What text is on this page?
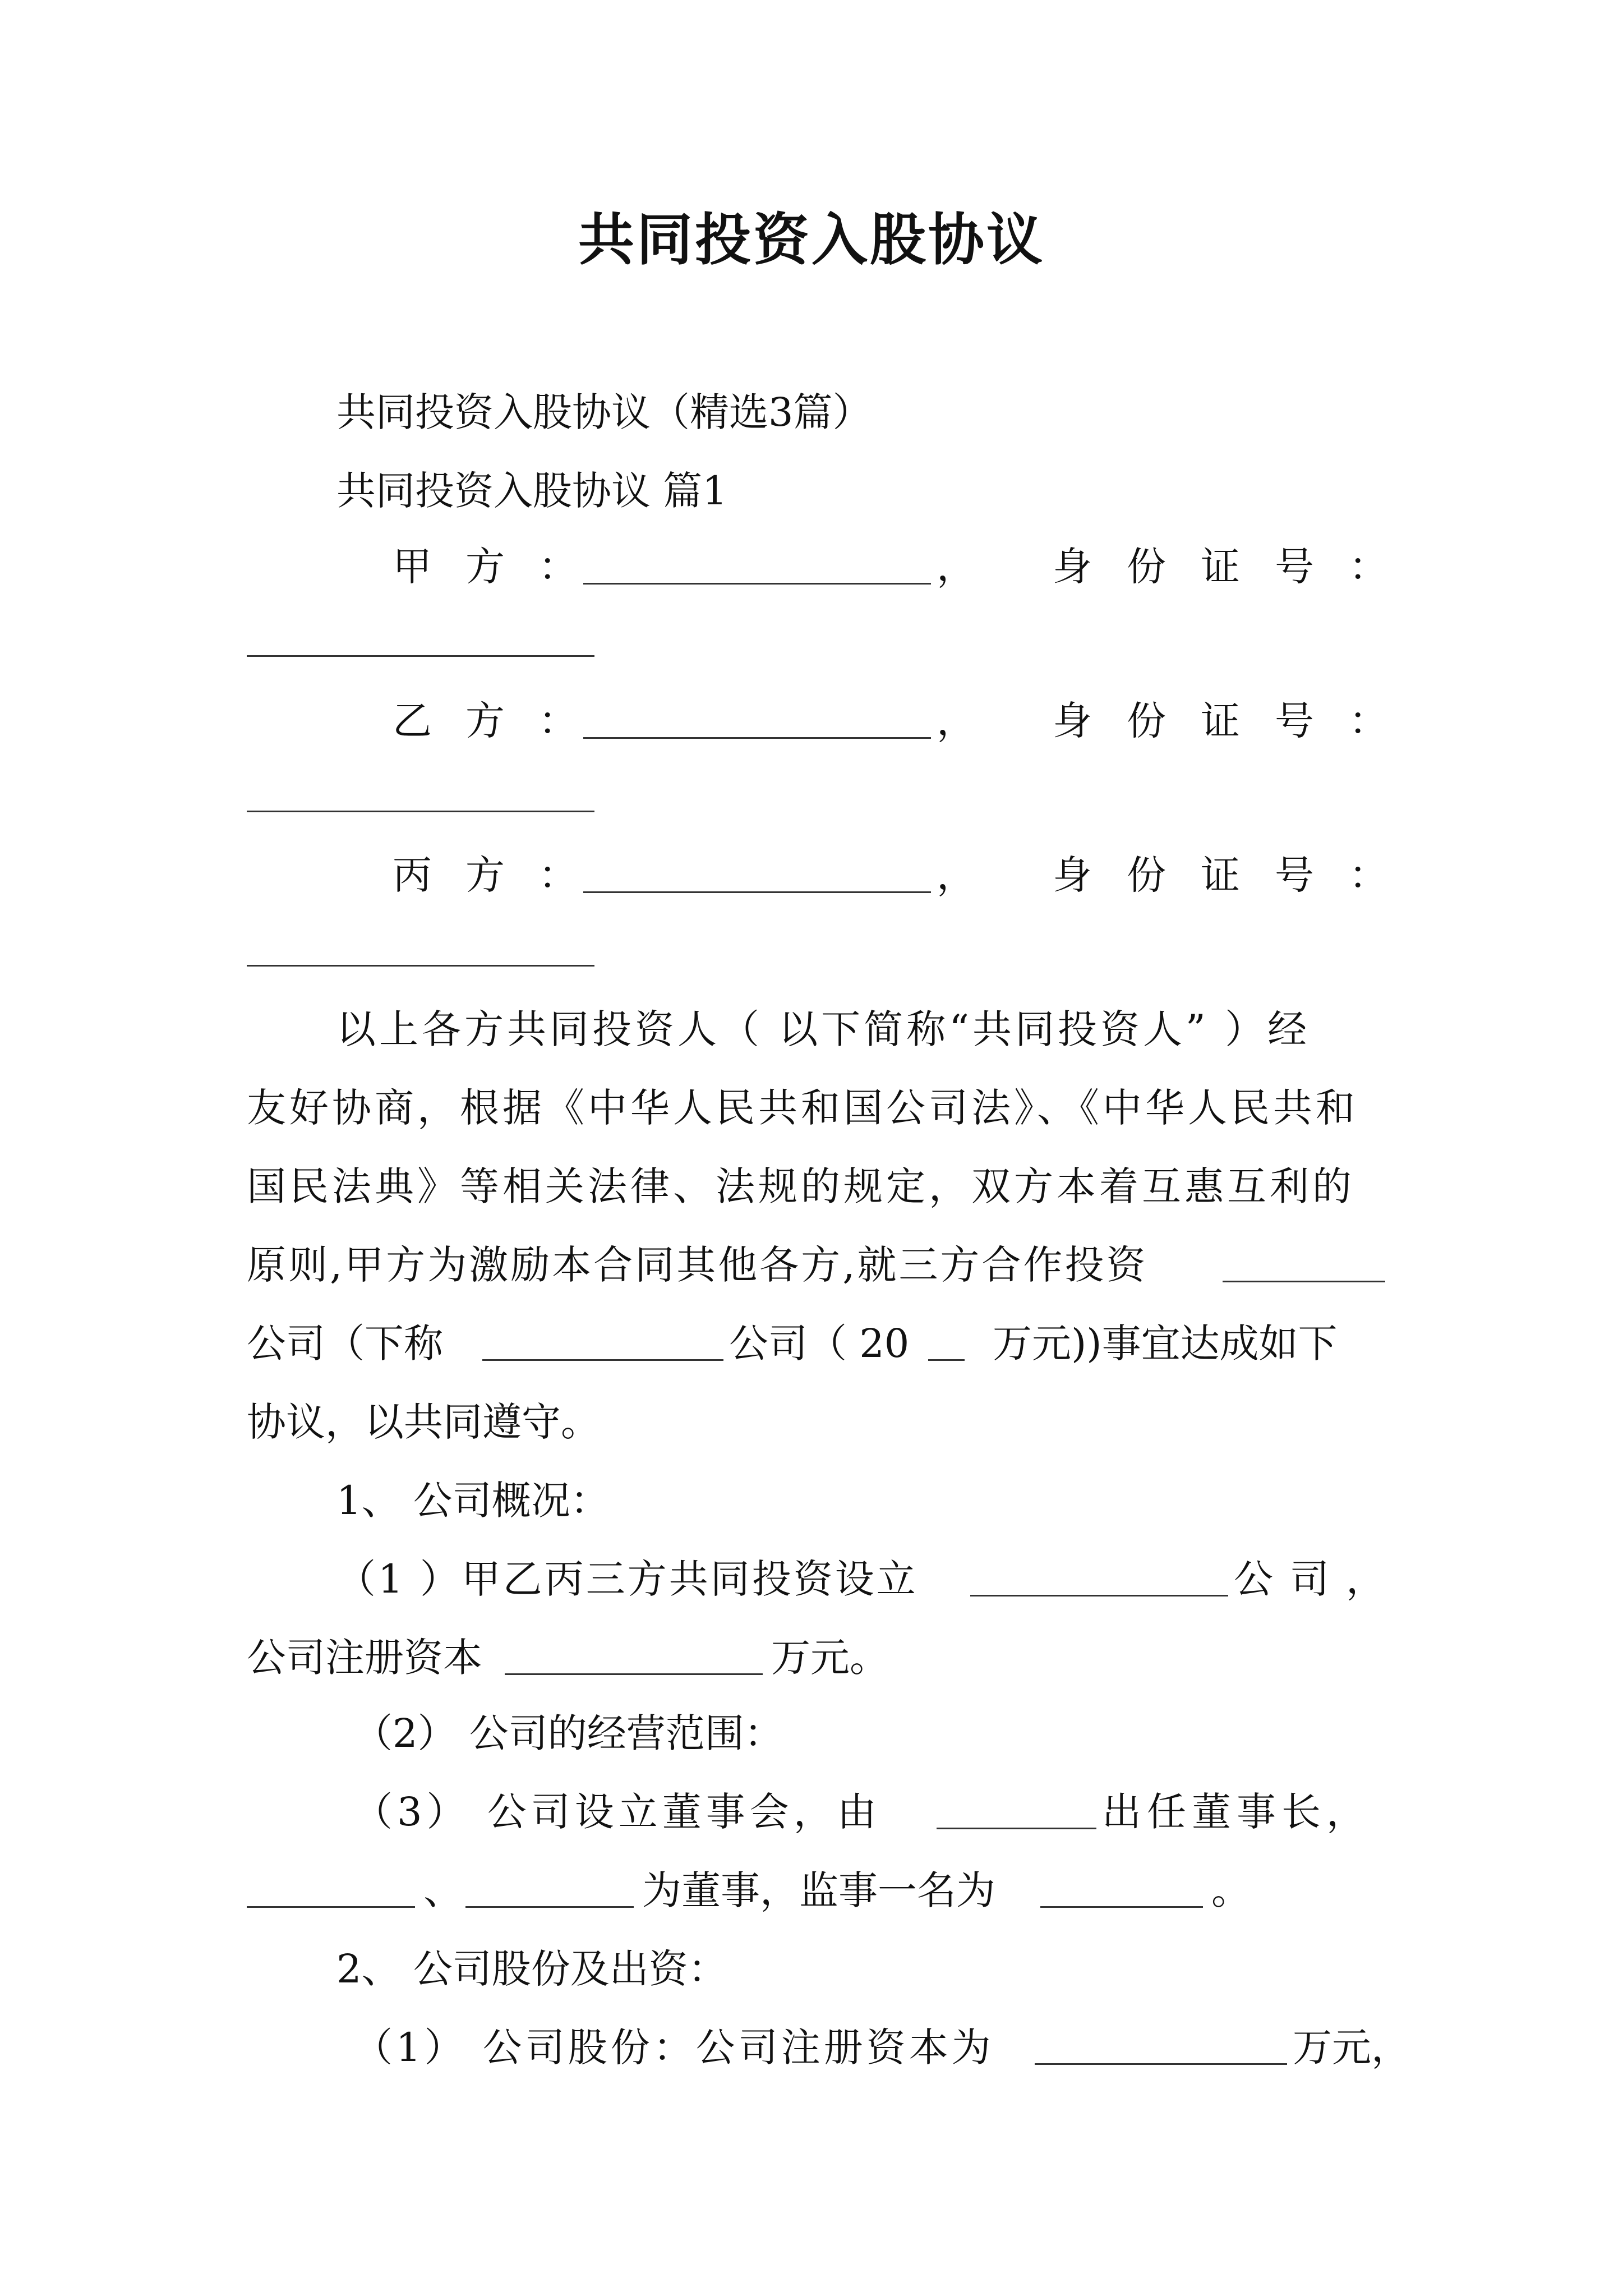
共同投资入股协议
共同投资入股协议（精选3篇）
共同投资入股协议 篇1
甲 方 ：	， 身 份 证 号 ：
乙 方 ：	， 身 份 证 号 ：
丙 方 ：	， 身 份 证 号 ：
以上各方共同投资人（ 以下简称“共同投资人” ）经
友好协商，根据《中华人民共和国公司法》、《中华人民共和
国民法典》等相关法律、法规的规定，双方本着互惠互利的
原则,甲方为激励本合同其他各方,就三方合作投资
公司（下称	公司（ 20 万元))事宜达成如下
协议，以共同遵守。
1、 公司概况：
（1 ）甲乙丙三方共同投资设立	公司，
公司注册资本	万元。
（2） 公司的经营范围：
（3） 公司设立董事会，由	出任董事长，
、	为董事，监事一名为	。
2、 公司股份及出资：
（1） 公司股份：公司注册资本为	万元，
